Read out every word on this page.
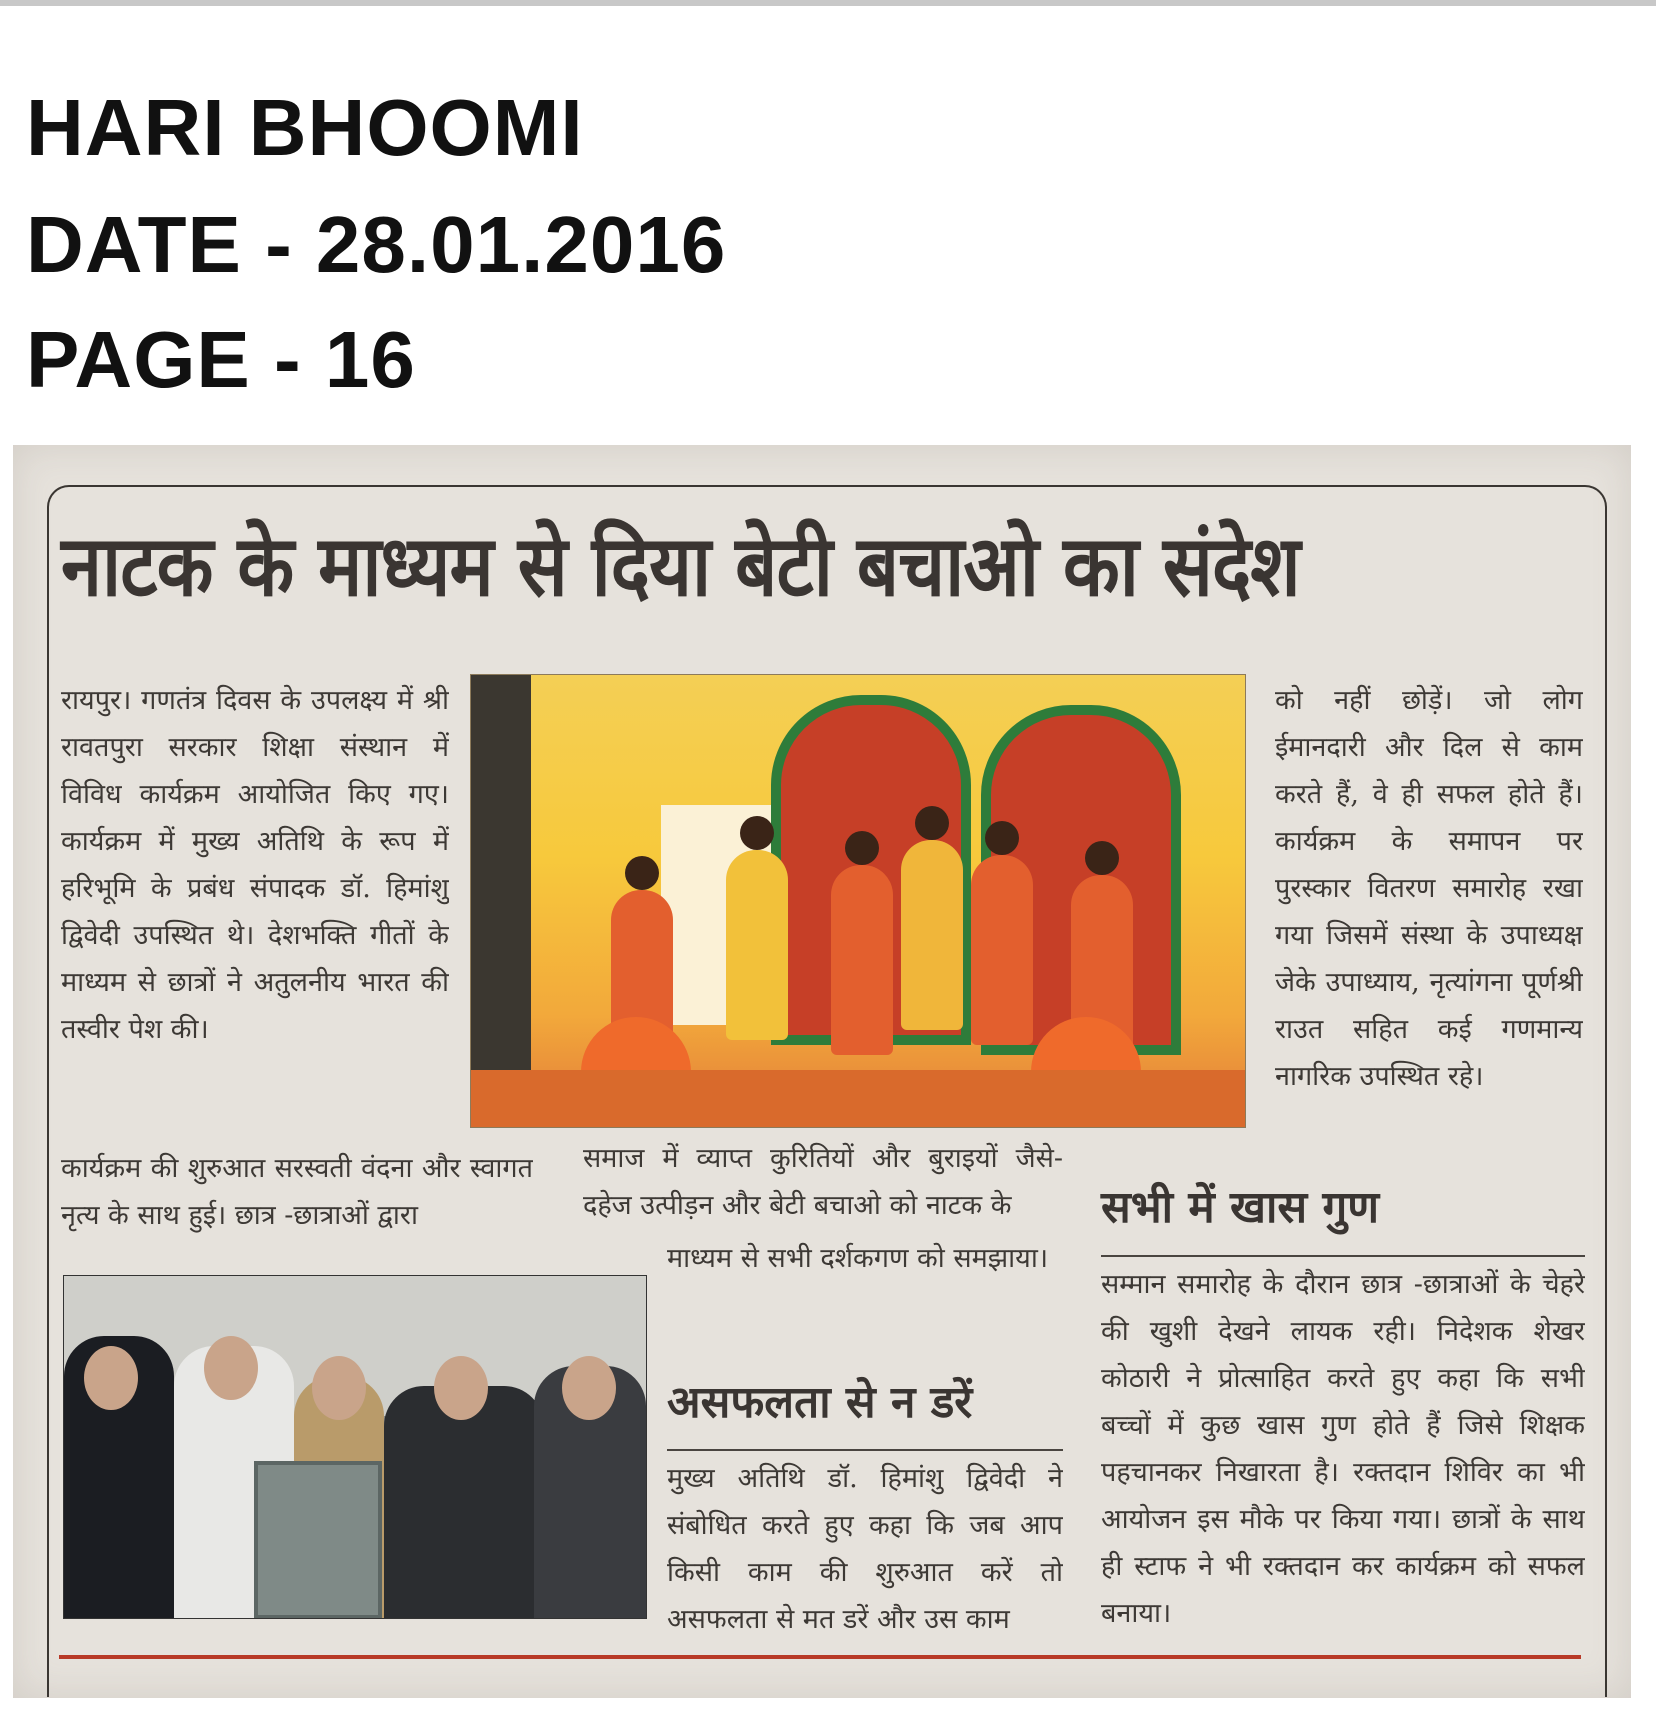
HARI BHOOMI
DATE - 28.01.2016
PAGE - 16
नाटक के माध्यम से दिया बेटी बचाओ का संदेश

रायपुर। गणतंत्र दिवस के उपलक्ष्य में श्री रावतपुरा सरकार शिक्षा संस्थान में विविध कार्यक्रम आयोजित किए गए। कार्यक्रम में मुख्य अतिथि के रूप में हरिभूमि के प्रबंध संपादक डॉ. हिमांशु द्विवेदी उपस्थित थे। देशभक्ति गीतों के माध्यम से छात्रों ने अतुलनीय भारत की तस्वीर पेश की।

को नहीं छोड़ें। जो लोग ईमानदारी और दिल से काम करते हैं, वे ही सफल होते हैं। कार्यक्रम के समापन पर पुरस्कार वितरण समारोह रखा गया जिसमें संस्था के उपाध्यक्ष जेके उपाध्याय, नृत्यांगना पूर्णश्री राउत सहित कई गणमान्य नागरिक उपस्थित रहे।

कार्यक्रम की शुरुआत सरस्वती वंदना और स्वागत नृत्य के साथ हुई। छात्र -छात्राओं द्वारा

समाज में व्याप्त कुरितियों और बुराइयों जैसे- दहेज उत्पीड़न और बेटी बचाओ को नाटक के

माध्यम से सभी दर्शकगण को समझाया।

असफलता से न डरें

मुख्य अतिथि डॉ. हिमांशु द्विवेदी ने संबोधित करते हुए कहा कि जब आप किसी काम की शुरुआत करें तो असफलता से मत डरें और उस काम

सभी में खास गुण

सम्मान समारोह के दौरान छात्र -छात्राओं के चेहरे की खुशी देखने लायक रही। निदेशक शेखर कोठारी ने प्रोत्साहित करते हुए कहा कि सभी बच्चों में कुछ खास गुण होते हैं जिसे शिक्षक पहचानकर निखारता है। रक्तदान शिविर का भी आयोजन इस मौके पर किया गया। छात्रों के साथ ही स्टाफ ने भी रक्तदान कर कार्यक्रम को सफल बनाया।
